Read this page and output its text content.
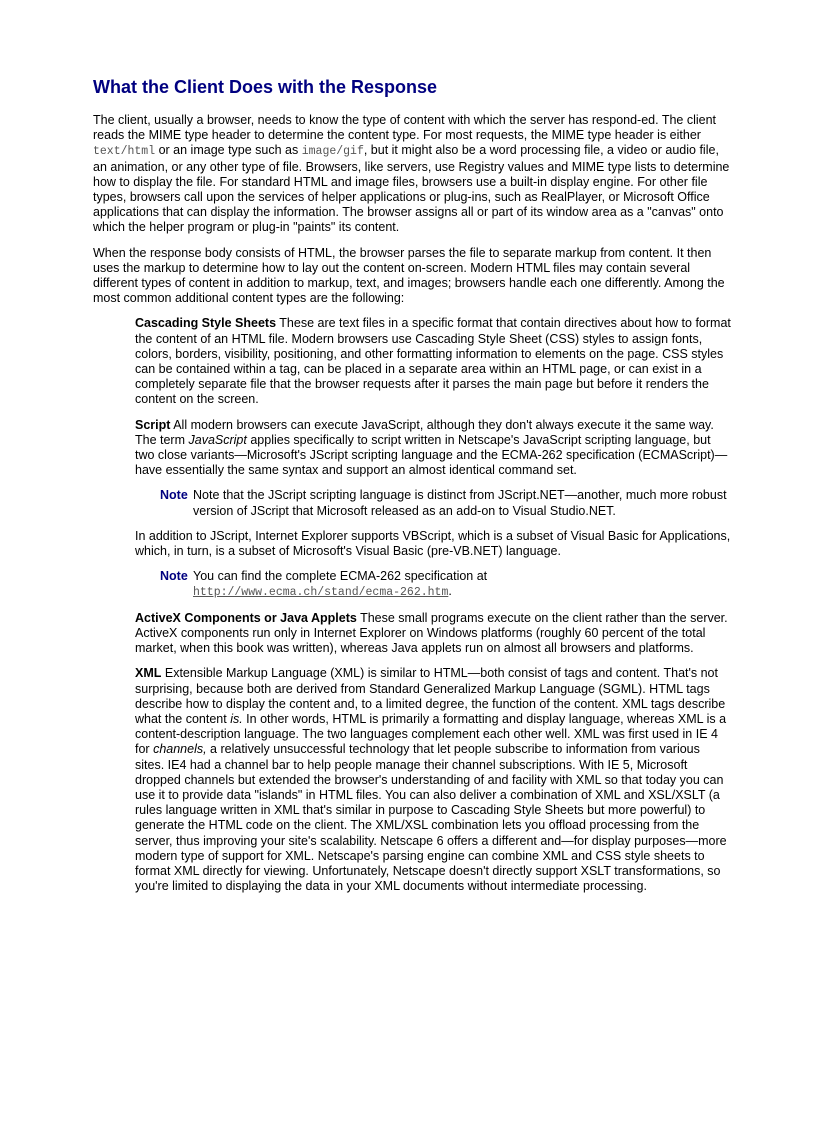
What the Client Does with the Response

The client, usually a browser, needs to know the type of content with which the server has respond-ed. The client reads the MIME type header to determine the content type. For most requests, the MIME type header is either text/html or an image type such as image/gif, but it might also be a word processing file, a video or audio file, an animation, or any other type of file. Browsers, like servers, use Registry values and MIME type lists to determine how to display the file. For standard HTML and image files, browsers use a built-in display engine. For other file types, browsers call upon the services of helper applications or plug-ins, such as RealPlayer, or Microsoft Office applications that can display the information. The browser assigns all or part of its window area as a "canvas" onto which the helper program or plug-in "paints" its content.

When the response body consists of HTML, the browser parses the file to separate markup from content. It then uses the markup to determine how to lay out the content on-screen. Modern HTML files may contain several different types of content in addition to markup, text, and images; browsers handle each one differently. Among the most common additional content types are the following:

Cascading Style Sheets These are text files in a specific format that contain directives about how to format the content of an HTML file. Modern browsers use Cascading Style Sheet (CSS) styles to assign fonts, colors, borders, visibility, positioning, and other formatting information to elements on the page. CSS styles can be contained within a tag, can be placed in a separate area within an HTML page, or can exist in a completely separate file that the browser requests after it parses the main page but before it renders the content on the screen.

Script All modern browsers can execute JavaScript, although they don't always execute it the same way. The term JavaScript applies specifically to script written in Netscape's JavaScript scripting language, but two close variants—Microsoft's JScript scripting language and the ECMA-262 specification (ECMAScript)—have essentially the same syntax and support an almost identical command set.

Note Note that the JScript scripting language is distinct from JScript.NET—another, much more robust version of JScript that Microsoft released as an add-on to Visual Studio.NET.

In addition to JScript, Internet Explorer supports VBScript, which is a subset of Visual Basic for Applications, which, in turn, is a subset of Microsoft's Visual Basic (pre-VB.NET) language.

Note You can find the complete ECMA-262 specification at
http://www.ecma.ch/stand/ecma-262.htm.

ActiveX Components or Java Applets These small programs execute on the client rather than the server. ActiveX components run only in Internet Explorer on Windows platforms (roughly 60 percent of the total market, when this book was written), whereas Java applets run on almost all browsers and platforms.

XML Extensible Markup Language (XML) is similar to HTML—both consist of tags and content. That's not surprising, because both are derived from Standard Generalized Markup Language (SGML). HTML tags describe how to display the content and, to a limited degree, the function of the content. XML tags describe what the content is. In other words, HTML is primarily a formatting and display language, whereas XML is a content-description language. The two languages complement each other well. XML was first used in IE 4 for channels, a relatively unsuccessful technology that let people subscribe to information from various sites. IE4 had a channel bar to help people manage their channel subscriptions. With IE 5, Microsoft dropped channels but extended the browser's understanding of and facility with XML so that today you can use it to provide data "islands" in HTML files. You can also deliver a combination of XML and XSL/XSLT (a rules language written in XML that's similar in purpose to Cascading Style Sheets but more powerful) to generate the HTML code on the client. The XML/XSL combination lets you offload processing from the server, thus improving your site's scalability. Netscape 6 offers a different and—for display purposes—more modern type of support for XML. Netscape's parsing engine can combine XML and CSS style sheets to format XML directly for viewing. Unfortunately, Netscape doesn't directly support XSLT transformations, so you're limited to displaying the data in your XML documents without intermediate processing.
